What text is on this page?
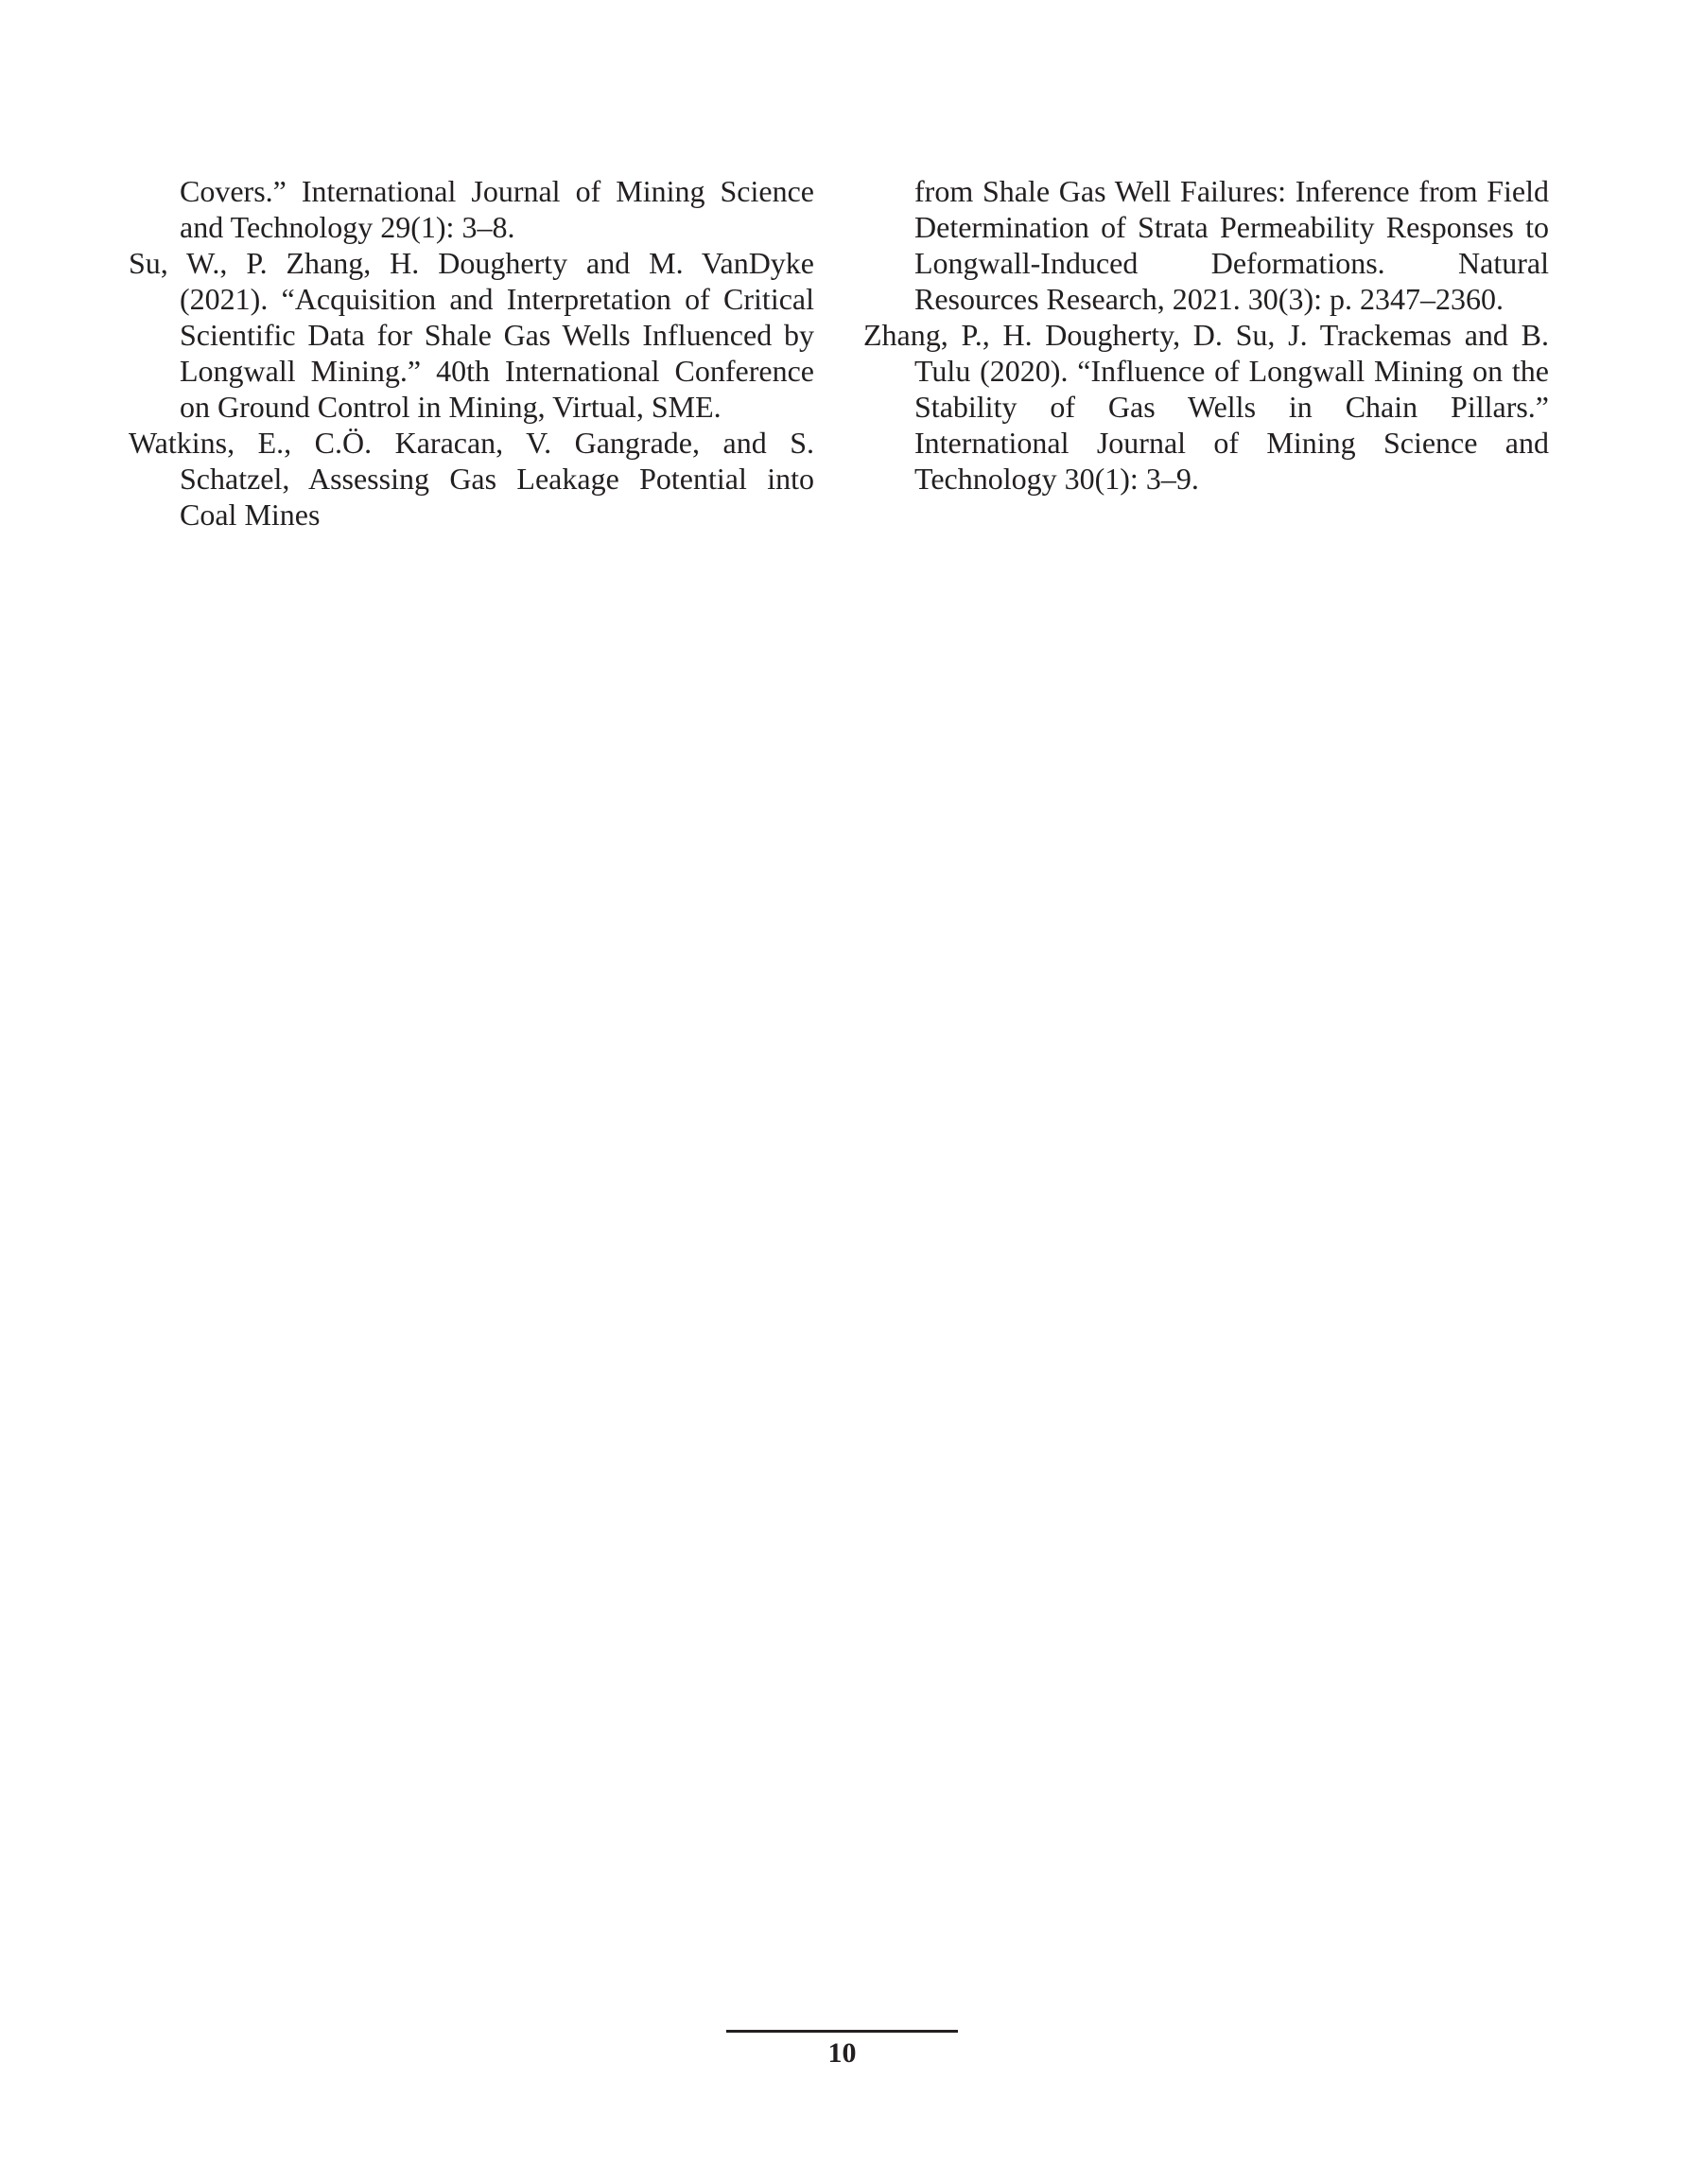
Covers.” International Journal of Mining Science and Technology 29(1): 3–8.

Su, W., P. Zhang, H. Dougherty and M. VanDyke (2021). “Acquisition and Interpretation of Critical Scientific Data for Shale Gas Wells Influenced by Longwall Mining.” 40th International Conference on Ground Control in Mining, Virtual, SME.

Watkins, E., C.Ö. Karacan, V. Gangrade, and S. Schatzel, Assessing Gas Leakage Potential into Coal Mines

from Shale Gas Well Failures: Inference from Field Determination of Strata Permeability Responses to Longwall-Induced Deformations. Natural Resources Research, 2021. 30(3): p. 2347–2360.

Zhang, P., H. Dougherty, D. Su, J. Trackemas and B. Tulu (2020). “Influence of Longwall Mining on the Stability of Gas Wells in Chain Pillars.” International Journal of Mining Science and Technology 30(1): 3–9.

10
